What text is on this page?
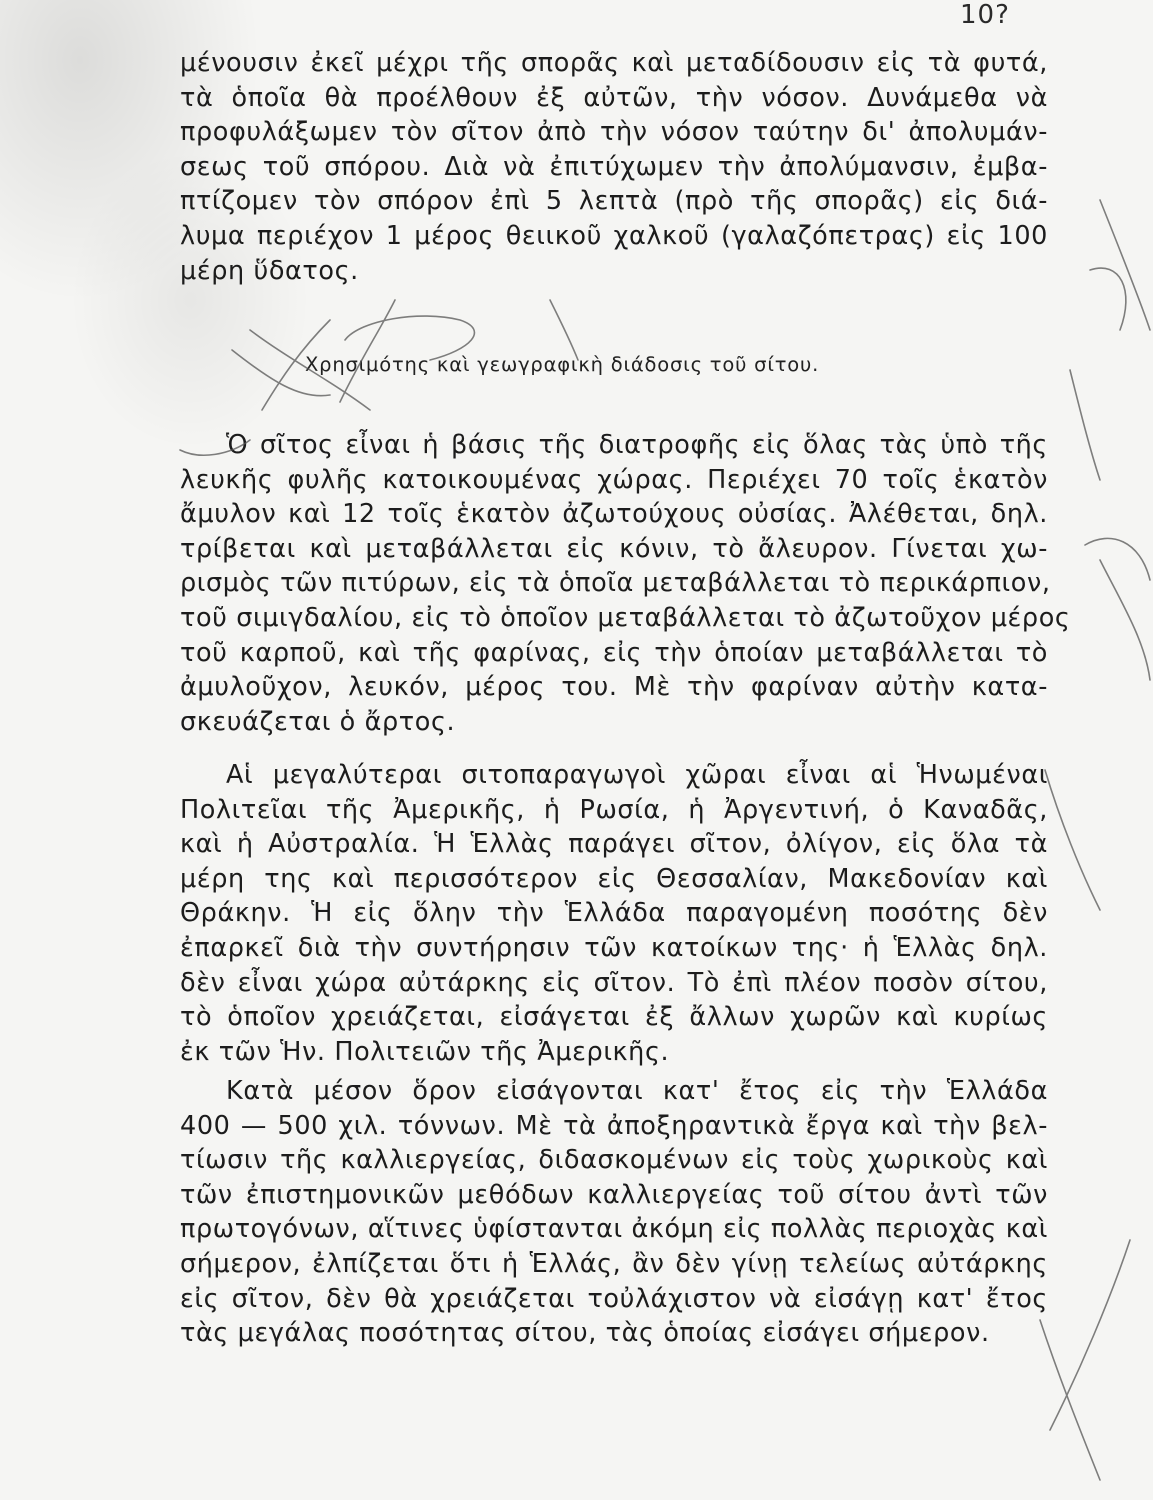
10?
μένουσιν ἐκεῖ μέχρι τῆς σπορᾶς καὶ μεταδίδουσιν εἰς τὰ φυτά,
τὰ ὁποῖα θὰ προέλθουν ἐξ αὐτῶν, τὴν νόσον. Δυνάμεθα νὰ
προφυλάξωμεν τὸν σῖτον ἀπὸ τὴν νόσον ταύτην δι' ἀπολυμάν-
σεως τοῦ σπόρου. Διὰ νὰ ἐπιτύχωμεν τὴν ἀπολύμανσιν, ἐμβα-
πτίζομεν τὸν σπόρον ἐπὶ 5 λεπτὰ (πρὸ τῆς σπορᾶς) εἰς διά-
λυμα περιέχον 1 μέρος θειικοῦ χαλκοῦ (γαλαζόπετρας) εἰς 100
μέρη ὕδατος.
Χρησιμότης καὶ γεωγραφικὴ διάδοσις τοῦ σίτου.
Ὁ σῖτος εἶναι ἡ βάσις τῆς διατροφῆς εἰς ὅλας τὰς ὑπὸ τῆς
λευκῆς φυλῆς κατοικουμένας χώρας. Περιέχει 70 τοῖς ἑκατὸν
ἄμυλον καὶ 12 τοῖς ἑκατὸν ἀζωτούχους οὐσίας. Ἀλέθεται, δηλ.
τρίβεται καὶ μεταβάλλεται εἰς κόνιν, τὸ ἄλευρον. Γίνεται χω-
ρισμὸς τῶν πιτύρων, εἰς τὰ ὁποῖα μεταβάλλεται τὸ περικάρπιον,
τοῦ σιμιγδαλίου, εἰς τὸ ὁποῖον μεταβάλλεται τὸ ἀζωτοῦχον μέρος
τοῦ καρποῦ, καὶ τῆς φαρίνας, εἰς τὴν ὁποίαν μεταβάλλεται τὸ
ἀμυλοῦχον, λευκόν, μέρος του. Μὲ τὴν φαρίναν αὐτὴν κατα-
σκευάζεται ὁ ἄρτος.
Αἱ μεγαλύτεραι σιτοπαραγωγοὶ χῶραι εἶναι αἱ Ἡνωμέναι
Πολιτεῖαι τῆς Ἀμερικῆς, ἡ Ρωσία, ἡ Ἀργεντινή, ὁ Καναδᾶς,
καὶ ἡ Αὐστραλία. Ἡ Ἑλλὰς παράγει σῖτον, ὀλίγον, εἰς ὅλα τὰ
μέρη της καὶ περισσότερον εἰς Θεσσαλίαν, Μακεδονίαν καὶ
Θράκην. Ἡ εἰς ὅλην τὴν Ἑλλάδα παραγομένη ποσότης δὲν
ἐπαρκεῖ διὰ τὴν συντήρησιν τῶν κατοίκων της· ἡ Ἑλλὰς δηλ.
δὲν εἶναι χώρα αὐτάρκης εἰς σῖτον. Τὸ ἐπὶ πλέον ποσὸν σίτου,
τὸ ὁποῖον χρειάζεται, εἰσάγεται ἐξ ἄλλων χωρῶν καὶ κυρίως
ἐκ τῶν Ἡν. Πολιτειῶν τῆς Ἀμερικῆς.
Κατὰ μέσον ὅρον εἰσάγονται κατ' ἔτος εἰς τὴν Ἑλλάδα
400 — 500 χιλ. τόννων. Μὲ τὰ ἀποξηραντικὰ ἔργα καὶ τὴν βελ-
τίωσιν τῆς καλλιεργείας, διδασκομένων εἰς τοὺς χωρικοὺς καὶ
τῶν ἐπιστημονικῶν μεθόδων καλλιεργείας τοῦ σίτου ἀντὶ τῶν
πρωτογόνων, αἵτινες ὑφίστανται ἀκόμη εἰς πολλὰς περιοχὰς καὶ
σήμερον, ἐλπίζεται ὅτι ἡ Ἑλλάς, ἂν δὲν γίνῃ τελείως αὐτάρκης
εἰς σῖτον, δὲν θὰ χρειάζεται τοὐλάχιστον νὰ εἰσάγῃ κατ' ἔτος
τὰς μεγάλας ποσότητας σίτου, τὰς ὁποίας εἰσάγει σήμερον.
